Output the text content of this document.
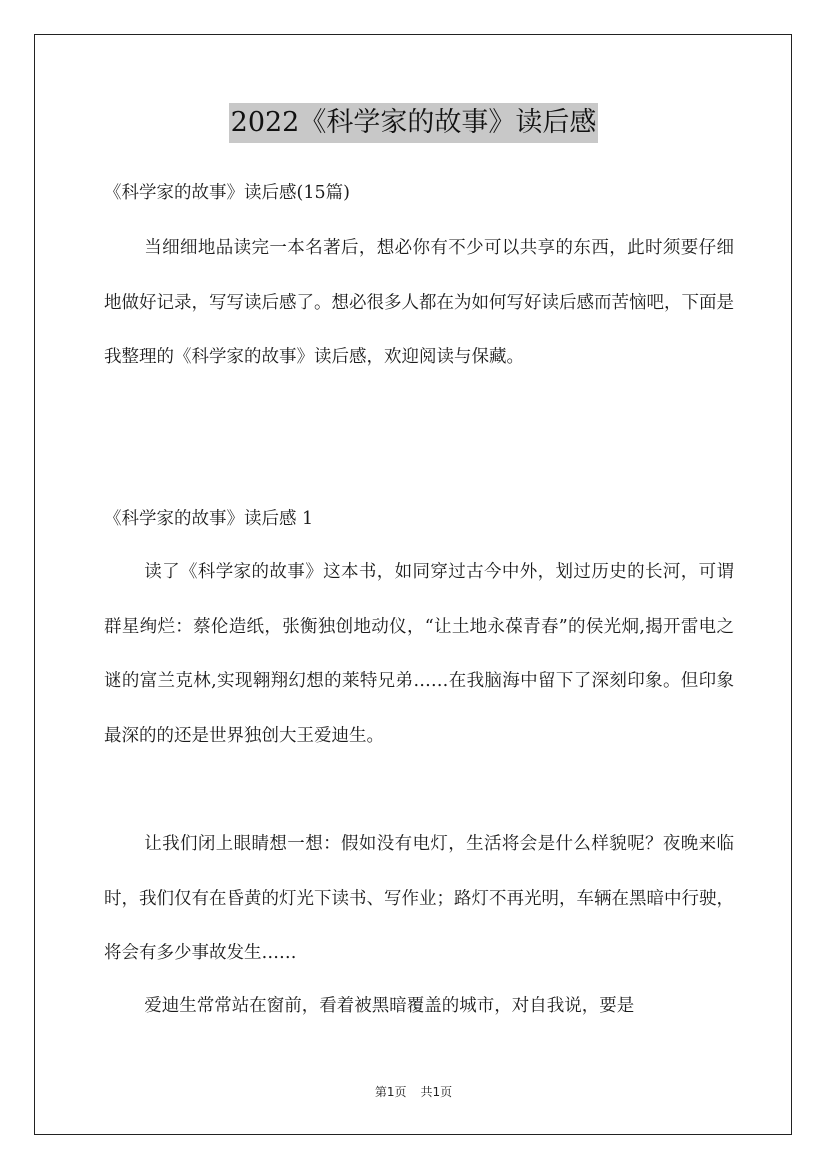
2022《科学家的故事》读后感

《科学家的故事》读后感(15篇)

当细细地品读完一本名著后，想必你有不少可以共享的东西，此时须要仔细地做好记录，写写读后感了。想必很多人都在为如何写好读后感而苦恼吧，下面是我整理的《科学家的故事》读后感，欢迎阅读与保藏。

《科学家的故事》读后感 1

读了《科学家的故事》这本书，如同穿过古今中外，划过历史的长河，可谓群星绚烂：蔡伦造纸，张衡独创地动仪，“让土地永葆青春”的侯光炯,揭开雷电之谜的富兰克林,实现翱翔幻想的莱特兄弟……在我脑海中留下了深刻印象。但印象最深的的还是世界独创大王爱迪生。

让我们闭上眼睛想一想：假如没有电灯，生活将会是什么样貌呢？夜晚来临时，我们仅有在昏黄的灯光下读书、写作业；路灯不再光明，车辆在黑暗中行驶，将会有多少事故发生……

爱迪生常常站在窗前，看着被黑暗覆盖的城市，对自我说，要是

第1页 共1页
